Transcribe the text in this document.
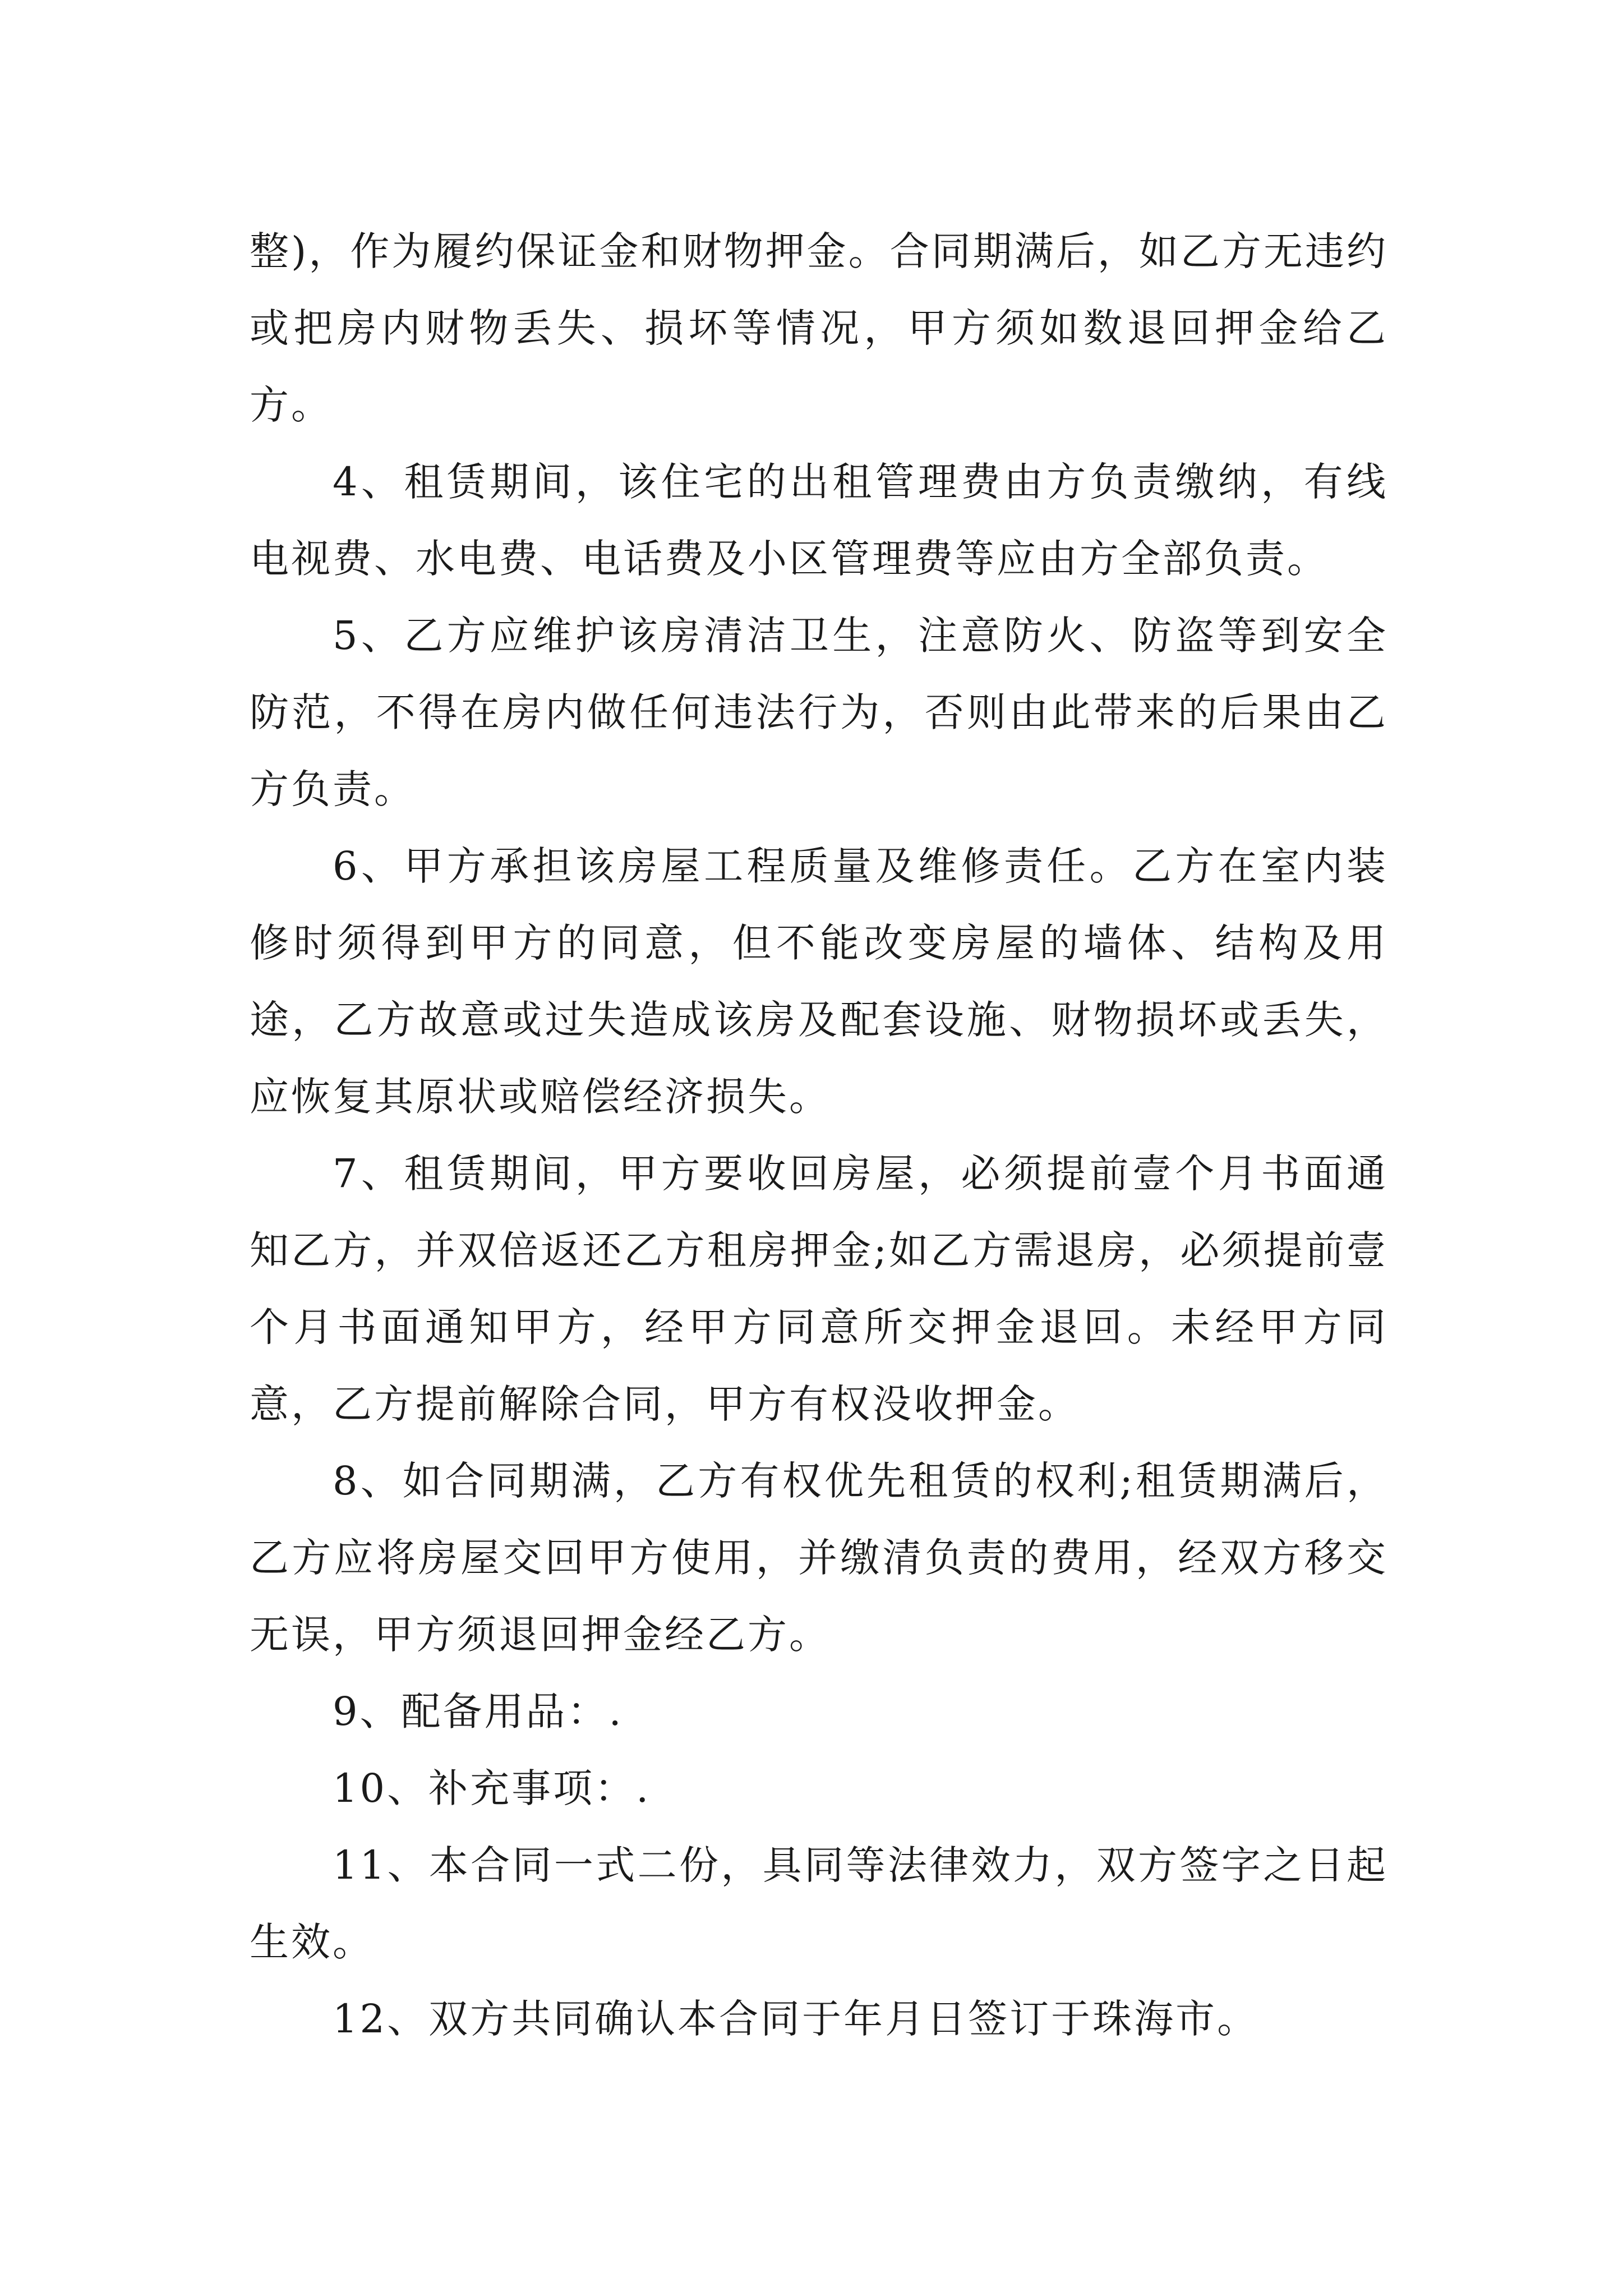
整)，作为履约保证金和财物押金。合同期满后，如乙方无违约或把房内财物丢失、损坏等情况，甲方须如数退回押金给乙方。

4、租赁期间，该住宅的出租管理费由方负责缴纳，有线电视费、水电费、电话费及小区管理费等应由方全部负责。

5、乙方应维护该房清洁卫生，注意防火、防盗等到安全防范，不得在房内做任何违法行为，否则由此带来的后果由乙方负责。

6、甲方承担该房屋工程质量及维修责任。乙方在室内装修时须得到甲方的同意，但不能改变房屋的墙体、结构及用途，乙方故意或过失造成该房及配套设施、财物损坏或丢失，应恢复其原状或赔偿经济损失。

7、租赁期间，甲方要收回房屋，必须提前壹个月书面通知乙方，并双倍返还乙方租房押金;如乙方需退房，必须提前壹个月书面通知甲方，经甲方同意所交押金退回。未经甲方同意，乙方提前解除合同，甲方有权没收押金。

8、如合同期满，乙方有权优先租赁的权利;租赁期满后，乙方应将房屋交回甲方使用，并缴清负责的费用，经双方移交无误，甲方须退回押金经乙方。

9、配备用品：.

10、补充事项：.

11、本合同一式二份，具同等法律效力，双方签字之日起生效。

12、双方共同确认本合同于年月日签订于珠海市。
